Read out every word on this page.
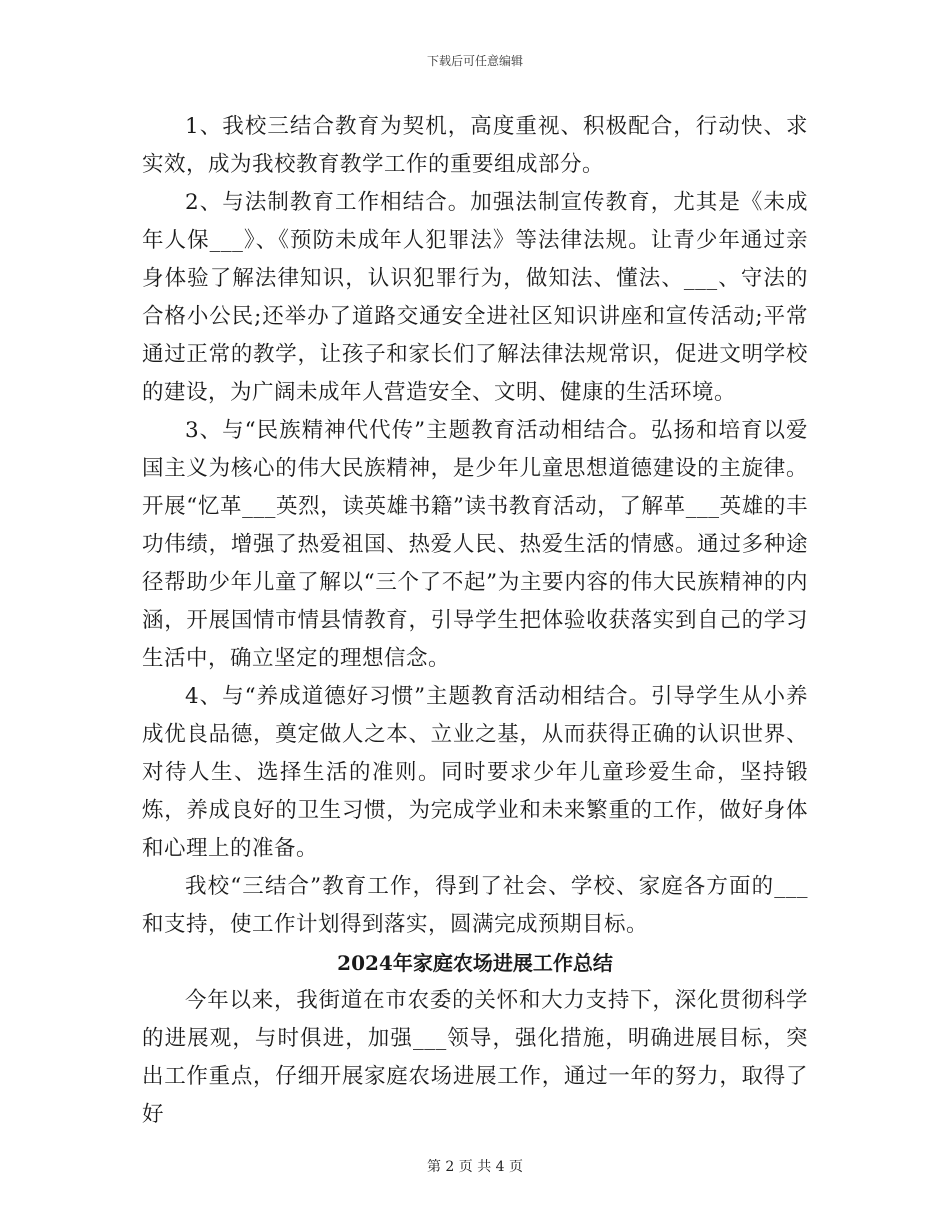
下载后可任意编辑

1、我校三结合教育为契机，高度重视、积极配合，行动快、求实效，成为我校教育教学工作的重要组成部分。

2、与法制教育工作相结合。加强法制宣传教育，尤其是《未成年人保___》、《预防未成年人犯罪法》等法律法规。让青少年通过亲身体验了解法律知识，认识犯罪行为，做知法、懂法、___、守法的合格小公民;还举办了道路交通安全进社区知识讲座和宣传活动;平常通过正常的教学，让孩子和家长们了解法律法规常识，促进文明学校的建设，为广阔未成年人营造安全、文明、健康的生活环境。

3、与“民族精神代代传”主题教育活动相结合。弘扬和培育以爱国主义为核心的伟大民族精神，是少年儿童思想道德建设的主旋律。开展“忆革___英烈，读英雄书籍”读书教育活动，了解革___英雄的丰功伟绩，增强了热爱祖国、热爱人民、热爱生活的情感。通过多种途径帮助少年儿童了解以“三个了不起”为主要内容的伟大民族精神的内涵，开展国情市情县情教育，引导学生把体验收获落实到自己的学习生活中，确立坚定的理想信念。

4、与“养成道德好习惯”主题教育活动相结合。引导学生从小养成优良品德，奠定做人之本、立业之基，从而获得正确的认识世界、对待人生、选择生活的准则。同时要求少年儿童珍爱生命，坚持锻炼，养成良好的卫生习惯，为完成学业和未来繁重的工作，做好身体和心理上的准备。

我校“三结合”教育工作，得到了社会、学校、家庭各方面的___和支持，使工作计划得到落实，圆满完成预期目标。

2024年家庭农场进展工作总结

今年以来，我街道在市农委的关怀和大力支持下，深化贯彻科学的进展观，与时俱进，加强___领导，强化措施，明确进展目标，突出工作重点，仔细开展家庭农场进展工作，通过一年的努力，取得了好

第 2 页 共 4 页
